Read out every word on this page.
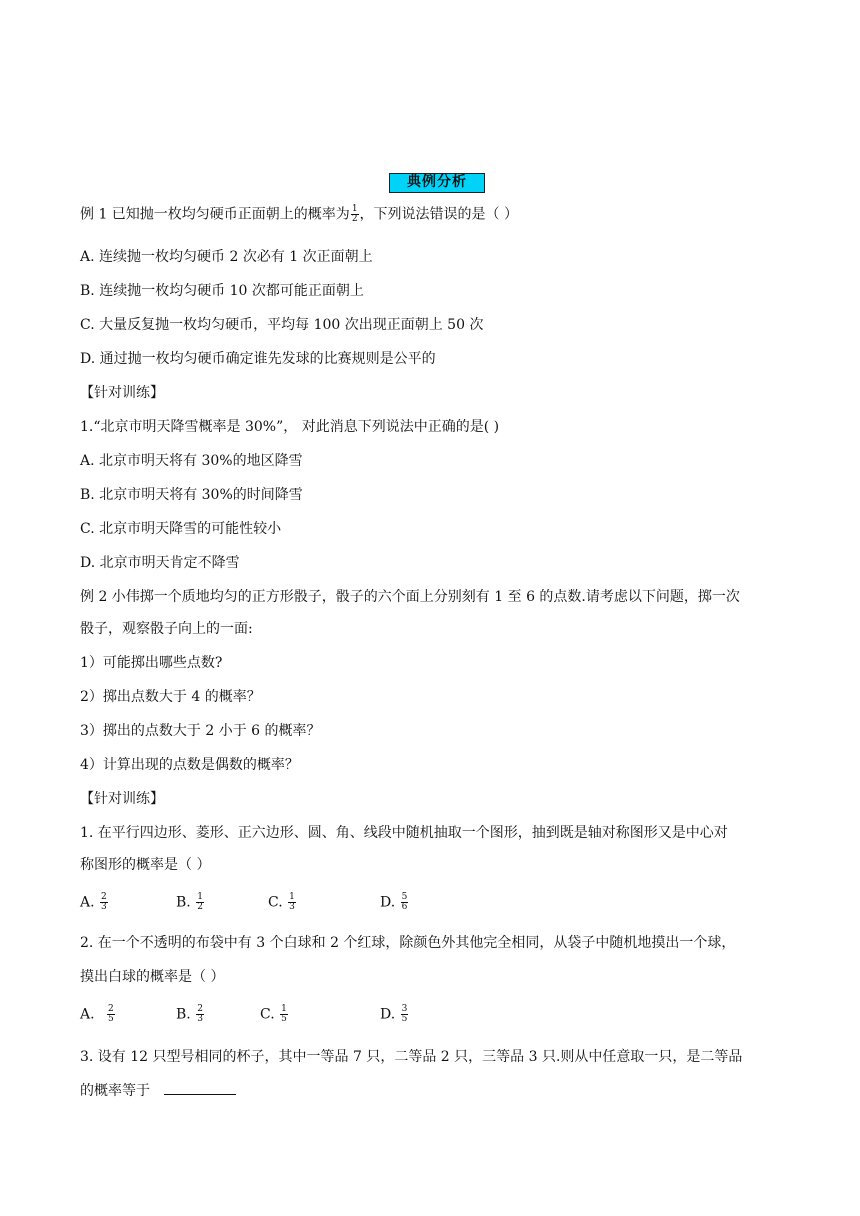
典例分析
例 1 已知抛一枚均匀硬币正面朝上的概率为 $\frac{1}{2}$ ，下列说法错误的是（ ）
A. 连续抛一枚均匀硬币 2 次必有 1 次正面朝上
B. 连续抛一枚均匀硬币 10 次都可能正面朝上
C. 大量反复抛一枚均匀硬币，平均每 100 次出现正面朝上 50 次
D. 通过抛一枚均匀硬币确定谁先发球的比赛规则是公平的
【针对训练】
1.“北京市明天降雪概率是 30%”， 对此消息下列说法中正确的是( )
A. 北京市明天将有 30%的地区降雪
B. 北京市明天将有 30%的时间降雪
C. 北京市明天降雪的可能性较小
D. 北京市明天肯定不降雪
例 2 小伟掷一个质地均匀的正方形骰子，骰子的六个面上分别刻有 1 至 6 的点数.请考虑以下问题，掷一次
骰子，观察骰子向上的一面:
1）可能掷出哪些点数?
2）掷出点数大于 4 的概率？
3）掷出的点数大于 2 小于 6 的概率？
4）计算出现的点数是偶数的概率？
【针对训练】
1. 在平行四边形、菱形、正六边形、圆、角、线段中随机抽取一个图形，抽到既是轴对称图形又是中心对
称图形的概率是（ ）
A. $\frac{2}{3}$	B. $\frac{1}{2}$	C. $\frac{1}{3}$	D. $\frac{5}{6}$
2. 在一个不透明的布袋中有 3 个白球和 2 个红球，除颜色外其他完全相同，从袋子中随机地摸出一个球，
摸出白球的概率是（ ）
A. $\frac{2}{5}$	B. $\frac{2}{3}$	C. $\frac{1}{5}$	D. $\frac{3}{5}$
3. 设有 12 只型号相同的杯子，其中一等品 7 只，二等品 2 只，三等品 3 只.则从中任意取一只，是二等品
的概率等于
